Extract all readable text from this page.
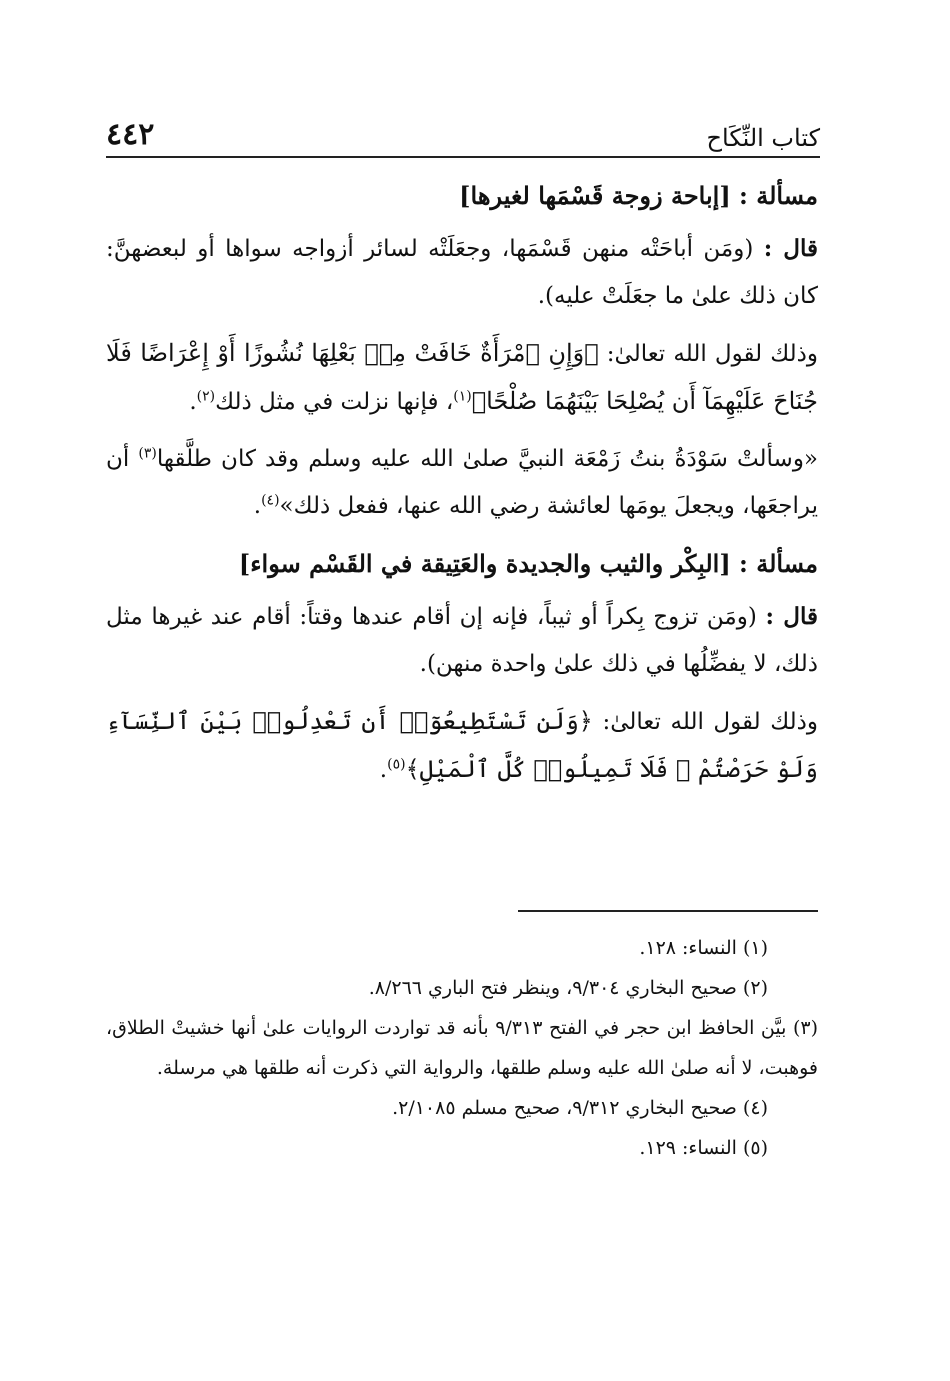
كتاب النِّكَاح
٤٤٢

مسألة : [إباحة زوجة قَسْمَها لغيرها]

قال : (ومَن أباحَتْه منهن قَسْمَها، وجعَلَتْه لسائر أزواجه سواها أو لبعضهنَّ: كان ذلك علىٰ ما جعَلَتْ عليه).

وذلك لقول الله تعالىٰ: ﴿وَإِنِ ٱمْرَأَةٌ خَافَتْ مِنۢ بَعْلِهَا نُشُوزًا أَوْ إِعْرَاضًا فَلَا جُنَاحَ عَلَيْهِمَآ أَن يُصْلِحَا بَيْنَهُمَا صُلْحًا﴾$^{(١)}$، فإنها نزلت في مثل ذلك$^{(٢)}$.

«وسألتْ سَوْدَةُ بنتُ زَمْعَة النبيَّ صلىٰ الله عليه وسلم وقد كان طلَّقها$^{(٣)}$ أن يراجعَها، ويجعلَ يومَها لعائشة رضي الله عنها، ففعل ذلك»$^{(٤)}$.

مسألة : [البِكْر والثيب والجديدة والعَتِيقة في القَسْم سواء]

قال : (ومَن تزوج بِكراً أو ثيباً، فإنه إن أقام عندها وقتاً: أقام عند غيرها مثل ذلك، لا يفضِّلُها في ذلك علىٰ واحدة منهن).

وذلك لقول الله تعالىٰ: ﴿وَلَن تَسْتَطِيعُوٓا۟ أَن تَعْدِلُوا۟ بَيْنَ ٱلنِّسَآءِ وَلَوْ حَرَصْتُمْ ۖ فَلَا تَمِيلُوا۟ كُلَّ ٱلْمَيْلِ﴾$^{(٥)}$.

(١) النساء: ١٢٨.

(٢) صحيح البخاري ٩/٣٠٤، وينظر فتح الباري ٨/٢٦٦.

(٣) بيَّن الحافظ ابن حجر في الفتح ٩/٣١٣ بأنه قد تواردت الروايات علىٰ أنها خشيتْ الطلاق، فوهبت، لا أنه صلىٰ الله عليه وسلم طلقها، والرواية التي ذكرت أنه طلقها هي مرسلة.

(٤) صحيح البخاري ٩/٣١٢، صحيح مسلم ٢/١٠٨٥.

(٥) النساء: ١٢٩.
